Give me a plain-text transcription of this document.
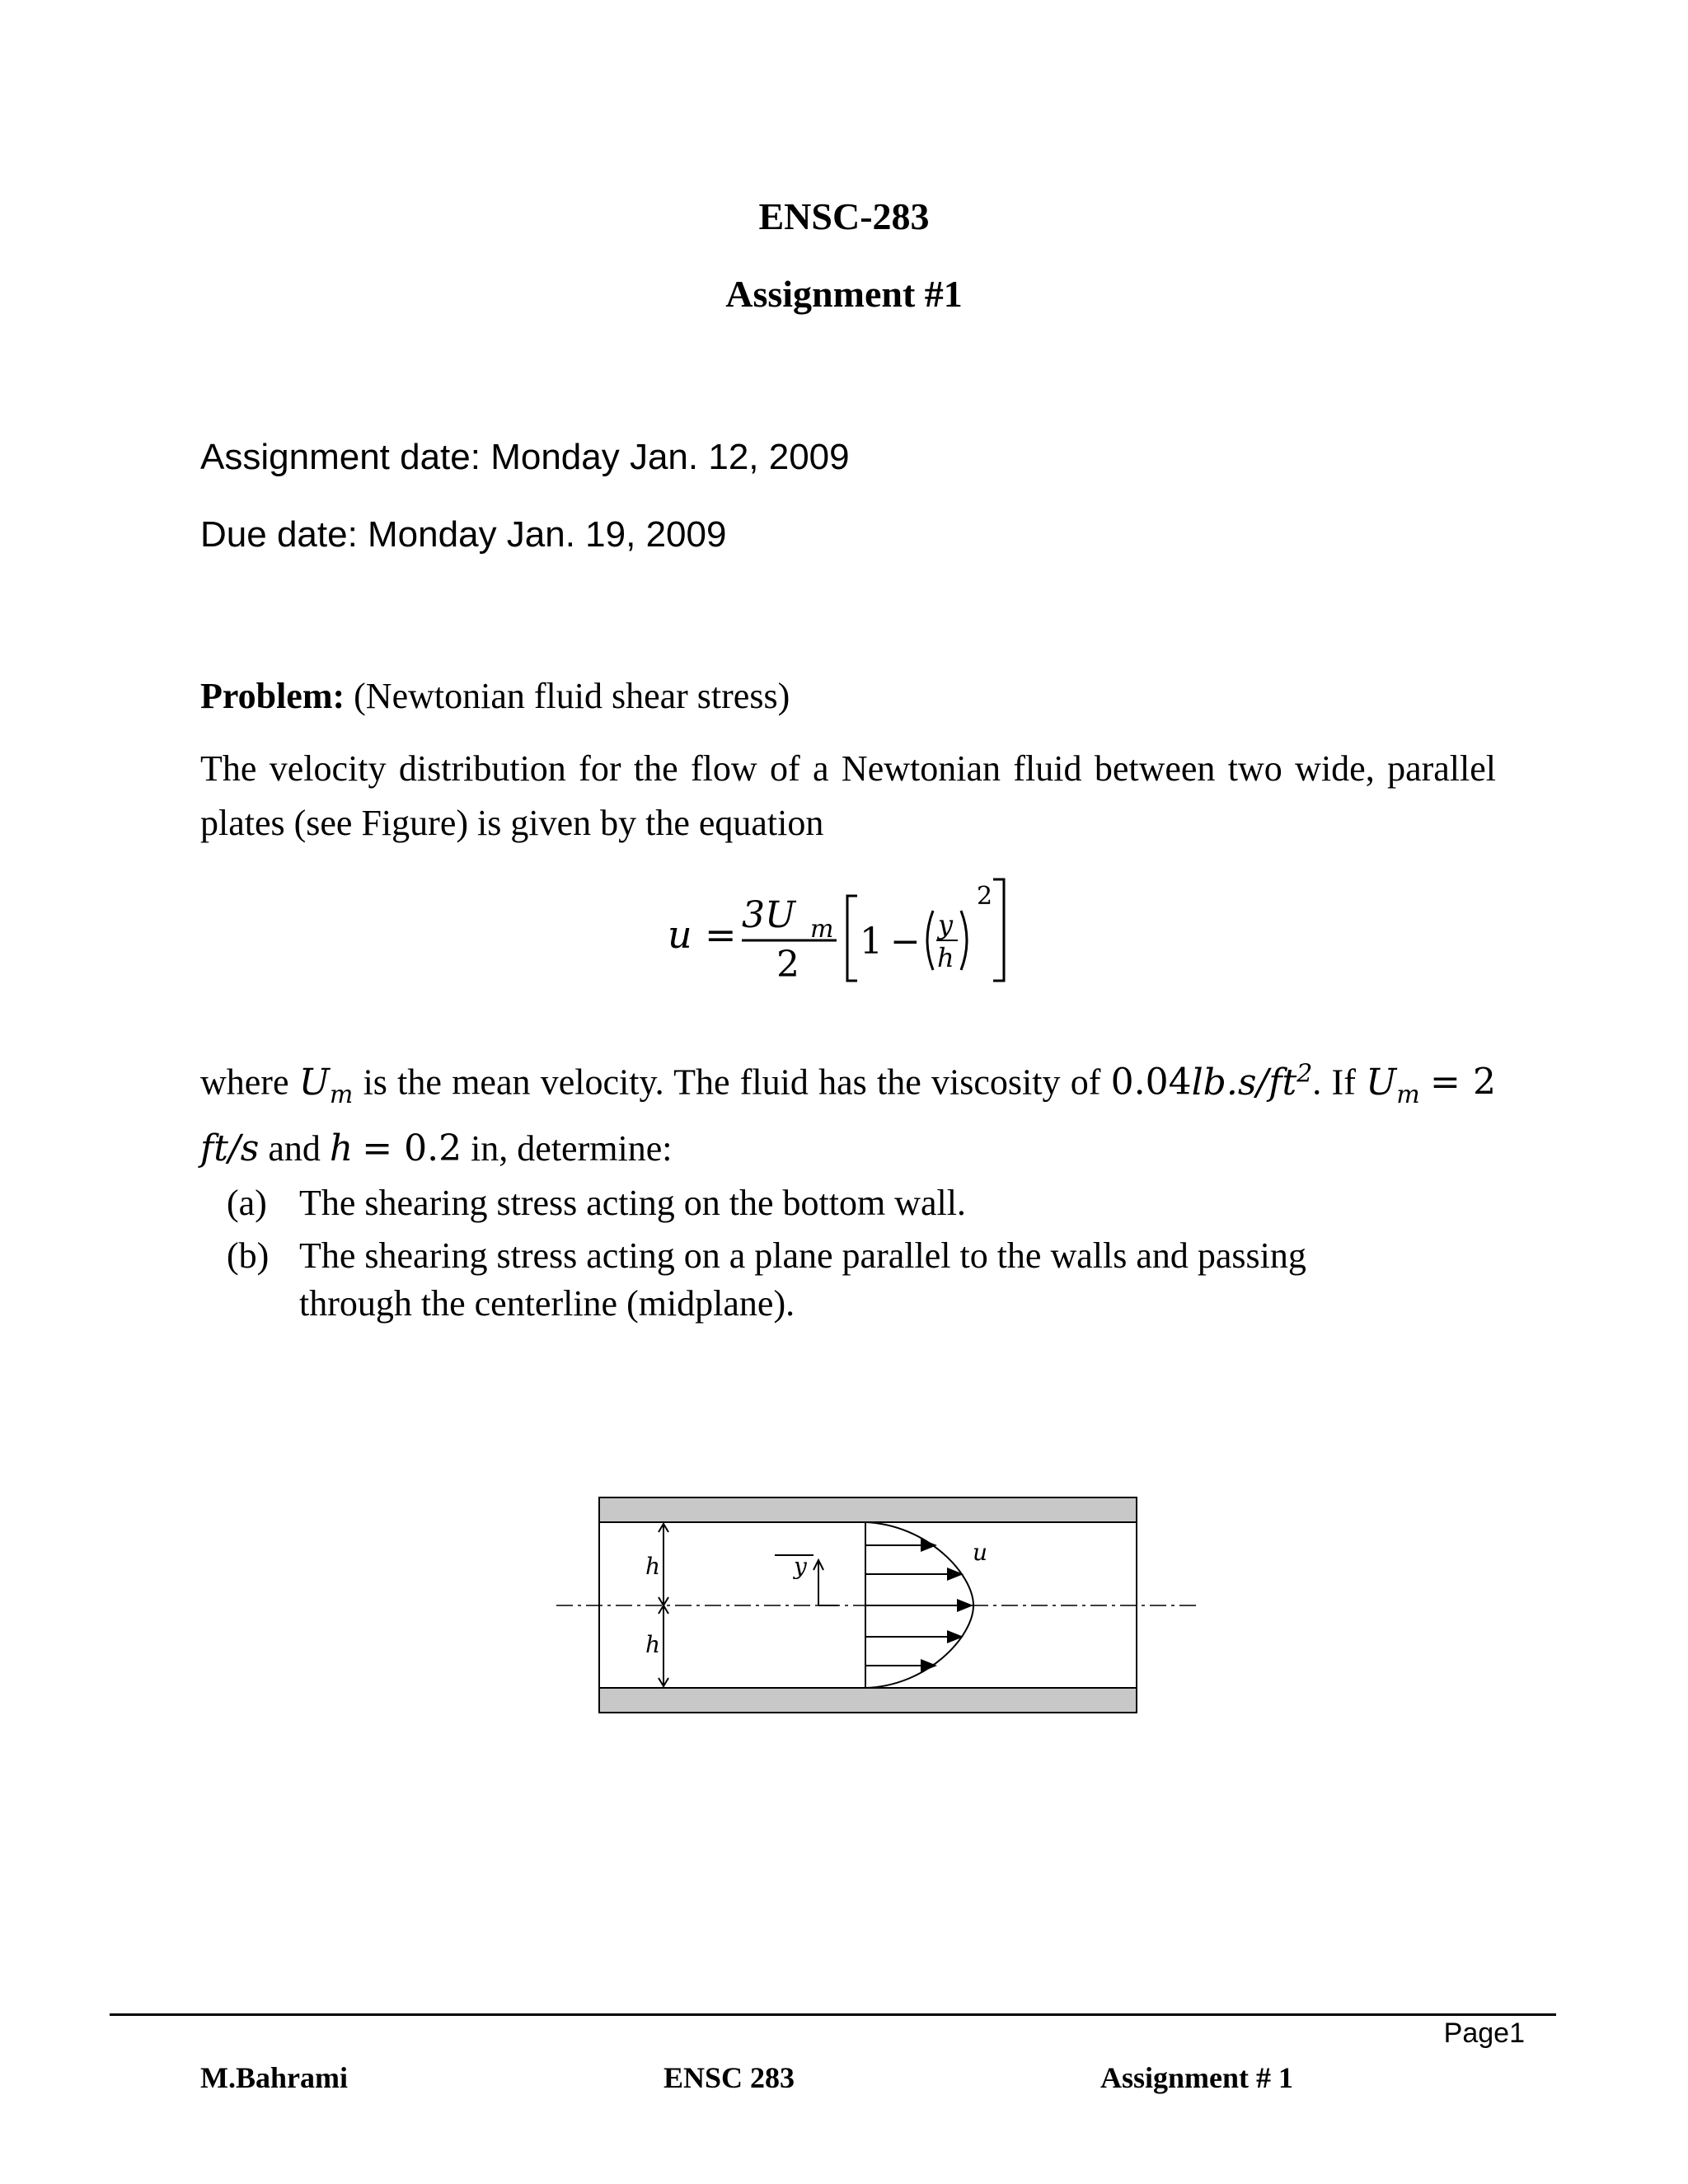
ENSC-283
Assignment #1
Assignment date: Monday Jan. 12, 2009
Due date: Monday Jan. 19, 2009
Problem: (Newtonian fluid shear stress)
The velocity distribution for the flow of a Newtonian fluid between two wide, parallel plates (see Figure) is given by the equation
u = 3U m
2
1 − y
h
2
where $U_m$ is the mean velocity. The fluid has the viscosity of $0.04lb.s/ft^2$. If $U_m = 2$ ft/s and h = 0.2 in, determine:
(a) The shearing stress acting on the bottom wall.
(b) The shearing stress acting on a plane parallel to the walls and passing
through the centerline (midplane).
h
h
y
u
Page1
M.Bahrami	ENSC 283	Assignment # 1
